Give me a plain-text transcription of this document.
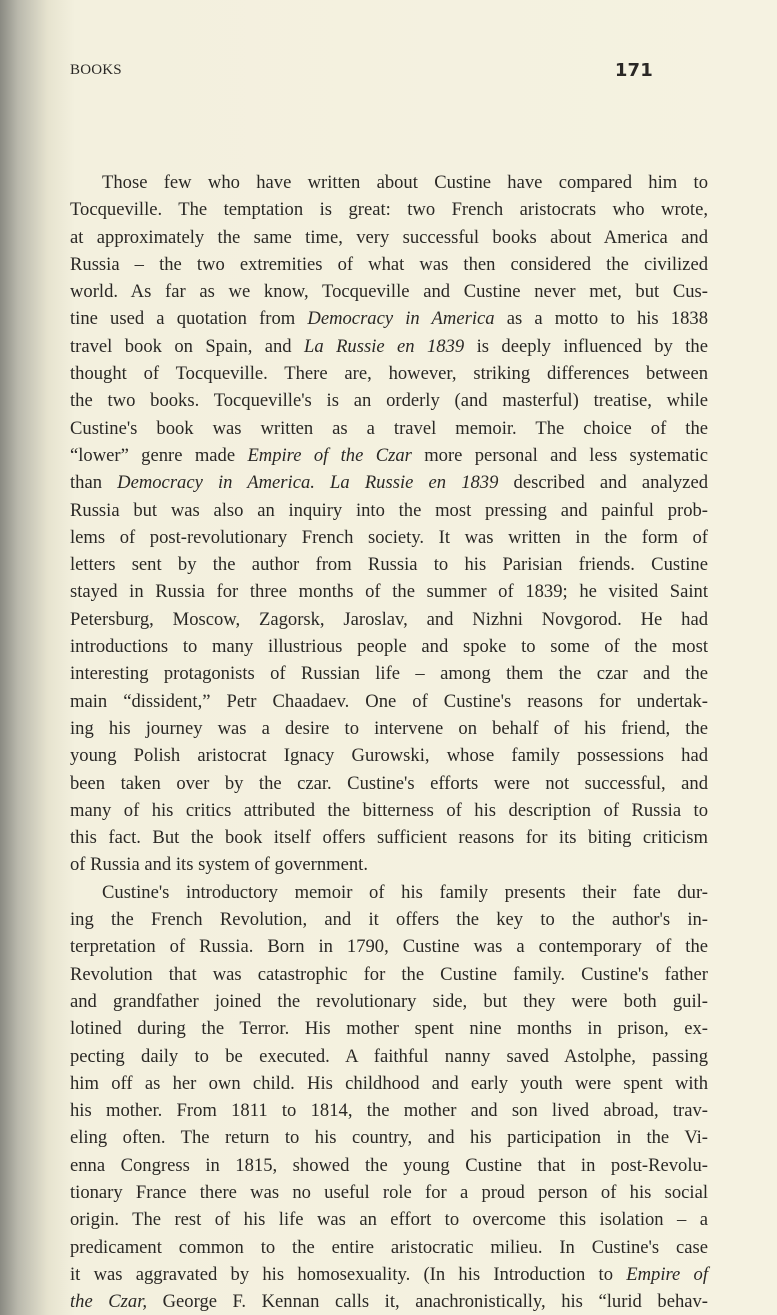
BOOKS	171
Those few who have written about Custine have compared him to
Tocqueville. The temptation is great: two French aristocrats who wrote,
at approximately the same time, very successful books about America and
Russia – the two extremities of what was then considered the civilized
world. As far as we know, Tocqueville and Custine never met, but Cus-
tine used a quotation from Democracy in America as a motto to his 1838
travel book on Spain, and La Russie en 1839 is deeply influenced by the
thought of Tocqueville. There are, however, striking differences between
the two books. Tocqueville's is an orderly (and masterful) treatise, while
Custine's book was written as a travel memoir. The choice of the
“lower” genre made Empire of the Czar more personal and less systematic
than Democracy in America. La Russie en 1839 described and analyzed
Russia but was also an inquiry into the most pressing and painful prob-
lems of post-revolutionary French society. It was written in the form of
letters sent by the author from Russia to his Parisian friends. Custine
stayed in Russia for three months of the summer of 1839; he visited Saint
Petersburg, Moscow, Zagorsk, Jaroslav, and Nizhni Novgorod. He had
introductions to many illustrious people and spoke to some of the most
interesting protagonists of Russian life – among them the czar and the
main “dissident,” Petr Chaadaev. One of Custine's reasons for undertak-
ing his journey was a desire to intervene on behalf of his friend, the
young Polish aristocrat Ignacy Gurowski, whose family possessions had
been taken over by the czar. Custine's efforts were not successful, and
many of his critics attributed the bitterness of his description of Russia to
this fact. But the book itself offers sufficient reasons for its biting criticism
of Russia and its system of government.
Custine's introductory memoir of his family presents their fate dur-
ing the French Revolution, and it offers the key to the author's in-
terpretation of Russia. Born in 1790, Custine was a contemporary of the
Revolution that was catastrophic for the Custine family. Custine's father
and grandfather joined the revolutionary side, but they were both guil-
lotined during the Terror. His mother spent nine months in prison, ex-
pecting daily to be executed. A faithful nanny saved Astolphe, passing
him off as her own child. His childhood and early youth were spent with
his mother. From 1811 to 1814, the mother and son lived abroad, trav-
eling often. The return to his country, and his participation in the Vi-
enna Congress in 1815, showed the young Custine that in post-Revolu-
tionary France there was no useful role for a proud person of his social
origin. The rest of his life was an effort to overcome this isolation – a
predicament common to the entire aristocratic milieu. In Custine's case
it was aggravated by his homosexuality. (In his Introduction to Empire of
the Czar, George F. Kennan calls it, anachronistically, his “lurid behav-
